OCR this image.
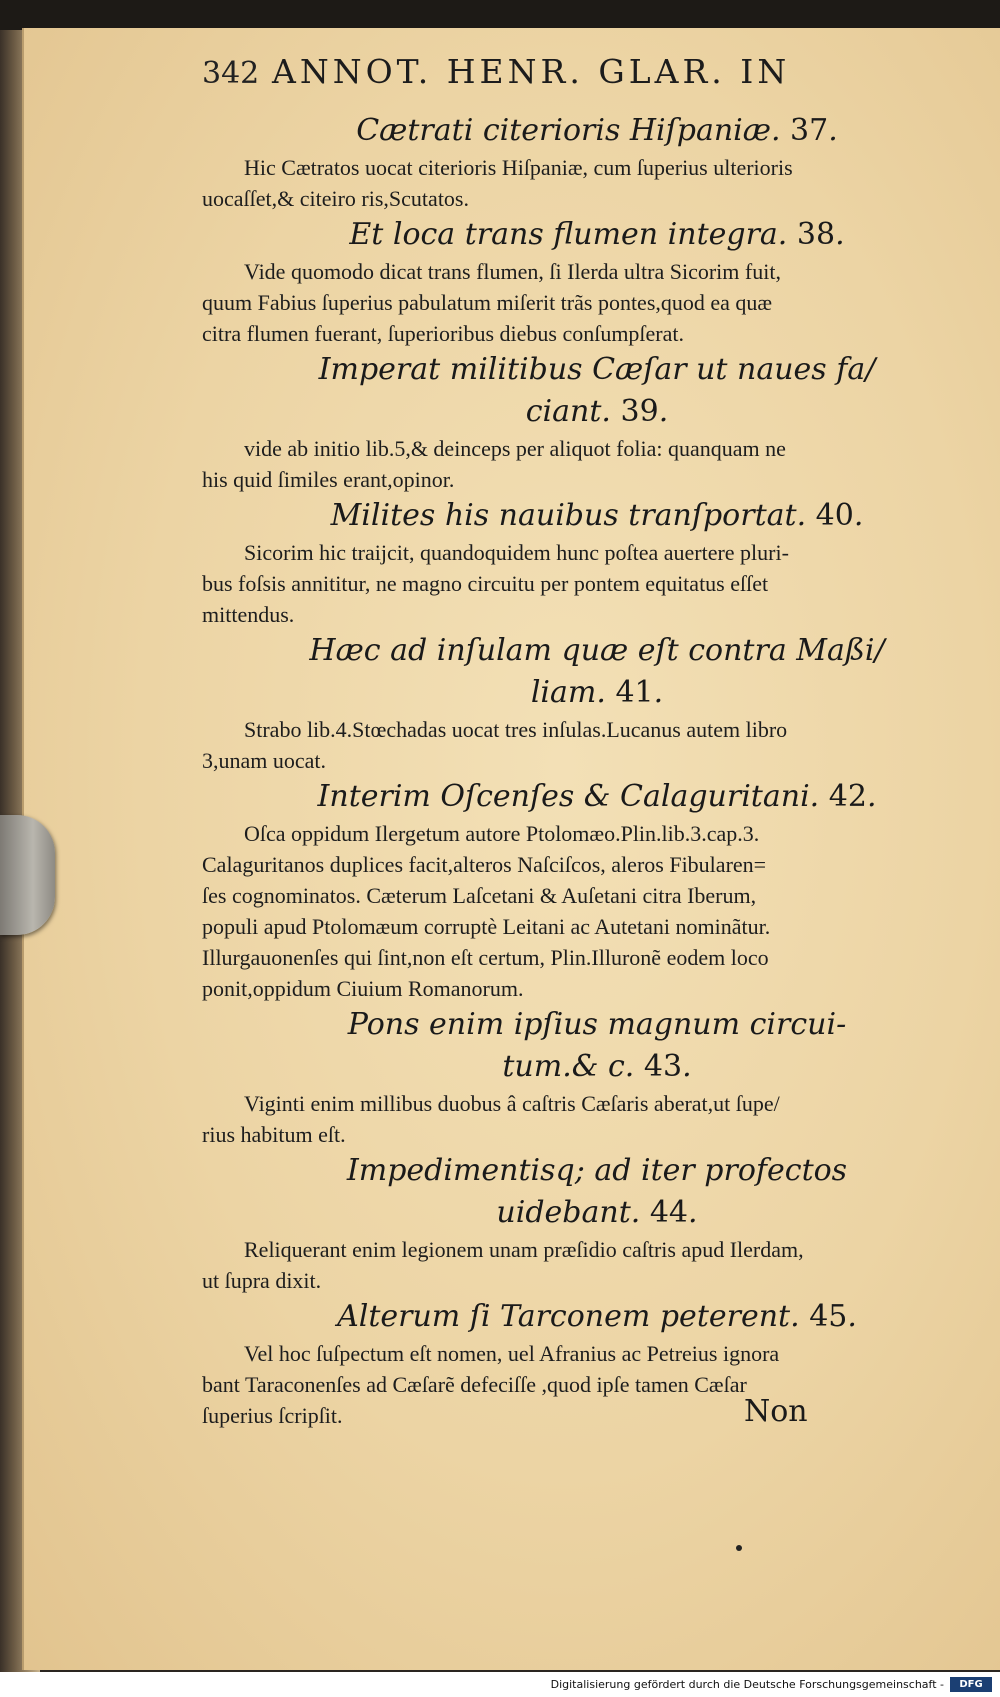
342 ANNOT. HENR. GLAR. IN

Cætrati citerioris Hiſpaniæ. 37.

Hic Cætratos uocat citerioris Hiſpaniæ, cum ſuperius ulterioris
uocaſſet,& citeiro ris,Scutatos.

Et loca trans flumen integra. 38.

Vide quomodo dicat trans flumen, ſi Ilerda ultra Sicorim fuit,
quum Fabius ſuperius pabulatum miſerit trãs pontes,quod ea quæ
citra flumen fuerant, ſuperioribus diebus conſumpſerat.

Imperat militibus Cæſar ut naues fa/

ciant. 39.

vide ab initio lib.5,& deinceps per aliquot folia: quanquam ne
his quid ſimiles erant,opinor.

Milites his nauibus tranſportat. 40.

Sicorim hic traijcit, quandoquidem hunc poſtea auertere pluri-
bus foſsis annititur, ne magno circuitu per pontem equitatus eſſet
mittendus.

Hæc ad inſulam quæ eſt contra Maßi/

liam. 41.

Strabo lib.4.Stœchadas uocat tres inſulas.Lucanus autem libro
3,unam uocat.

Interim Oſcenſes & Calaguritani. 42.

Oſca oppidum Ilergetum autore Ptolomæo.Plin.lib.3.cap.3.
Calaguritanos duplices facit,alteros Naſciſcos, aleros Fibularen=
ſes cognominatos. Cæterum Laſcetani & Auſetani citra Iberum,
populi apud Ptolomæum corruptè Leitani ac Autetani nominãtur.
Illurgauonenſes qui ſint,non eſt certum, Plin.Illuronẽ eodem loco
ponit,oppidum Ciuium Romanorum.

Pons enim ipſius magnum circui-

tum.& c. 43.

Viginti enim millibus duobus â caſtris Cæſaris aberat,ut ſupe/
rius habitum eſt.

Impedimentisq; ad iter profectos

uidebant. 44.

Reliquerant enim legionem unam præſidio caſtris apud Ilerdam,
ut ſupra dixit.

Alterum ſi Tarconem peterent. 45.

Vel hoc ſuſpectum eſt nomen, uel Afranius ac Petreius ignora
bant Taraconenſes ad Cæſarẽ defeciſſe ,quod ipſe tamen Cæſar
ſuperius ſcripſit.	Non
Digitalisierung gefördert durch die Deutsche Forschungsgemeinschaft -	DFG
